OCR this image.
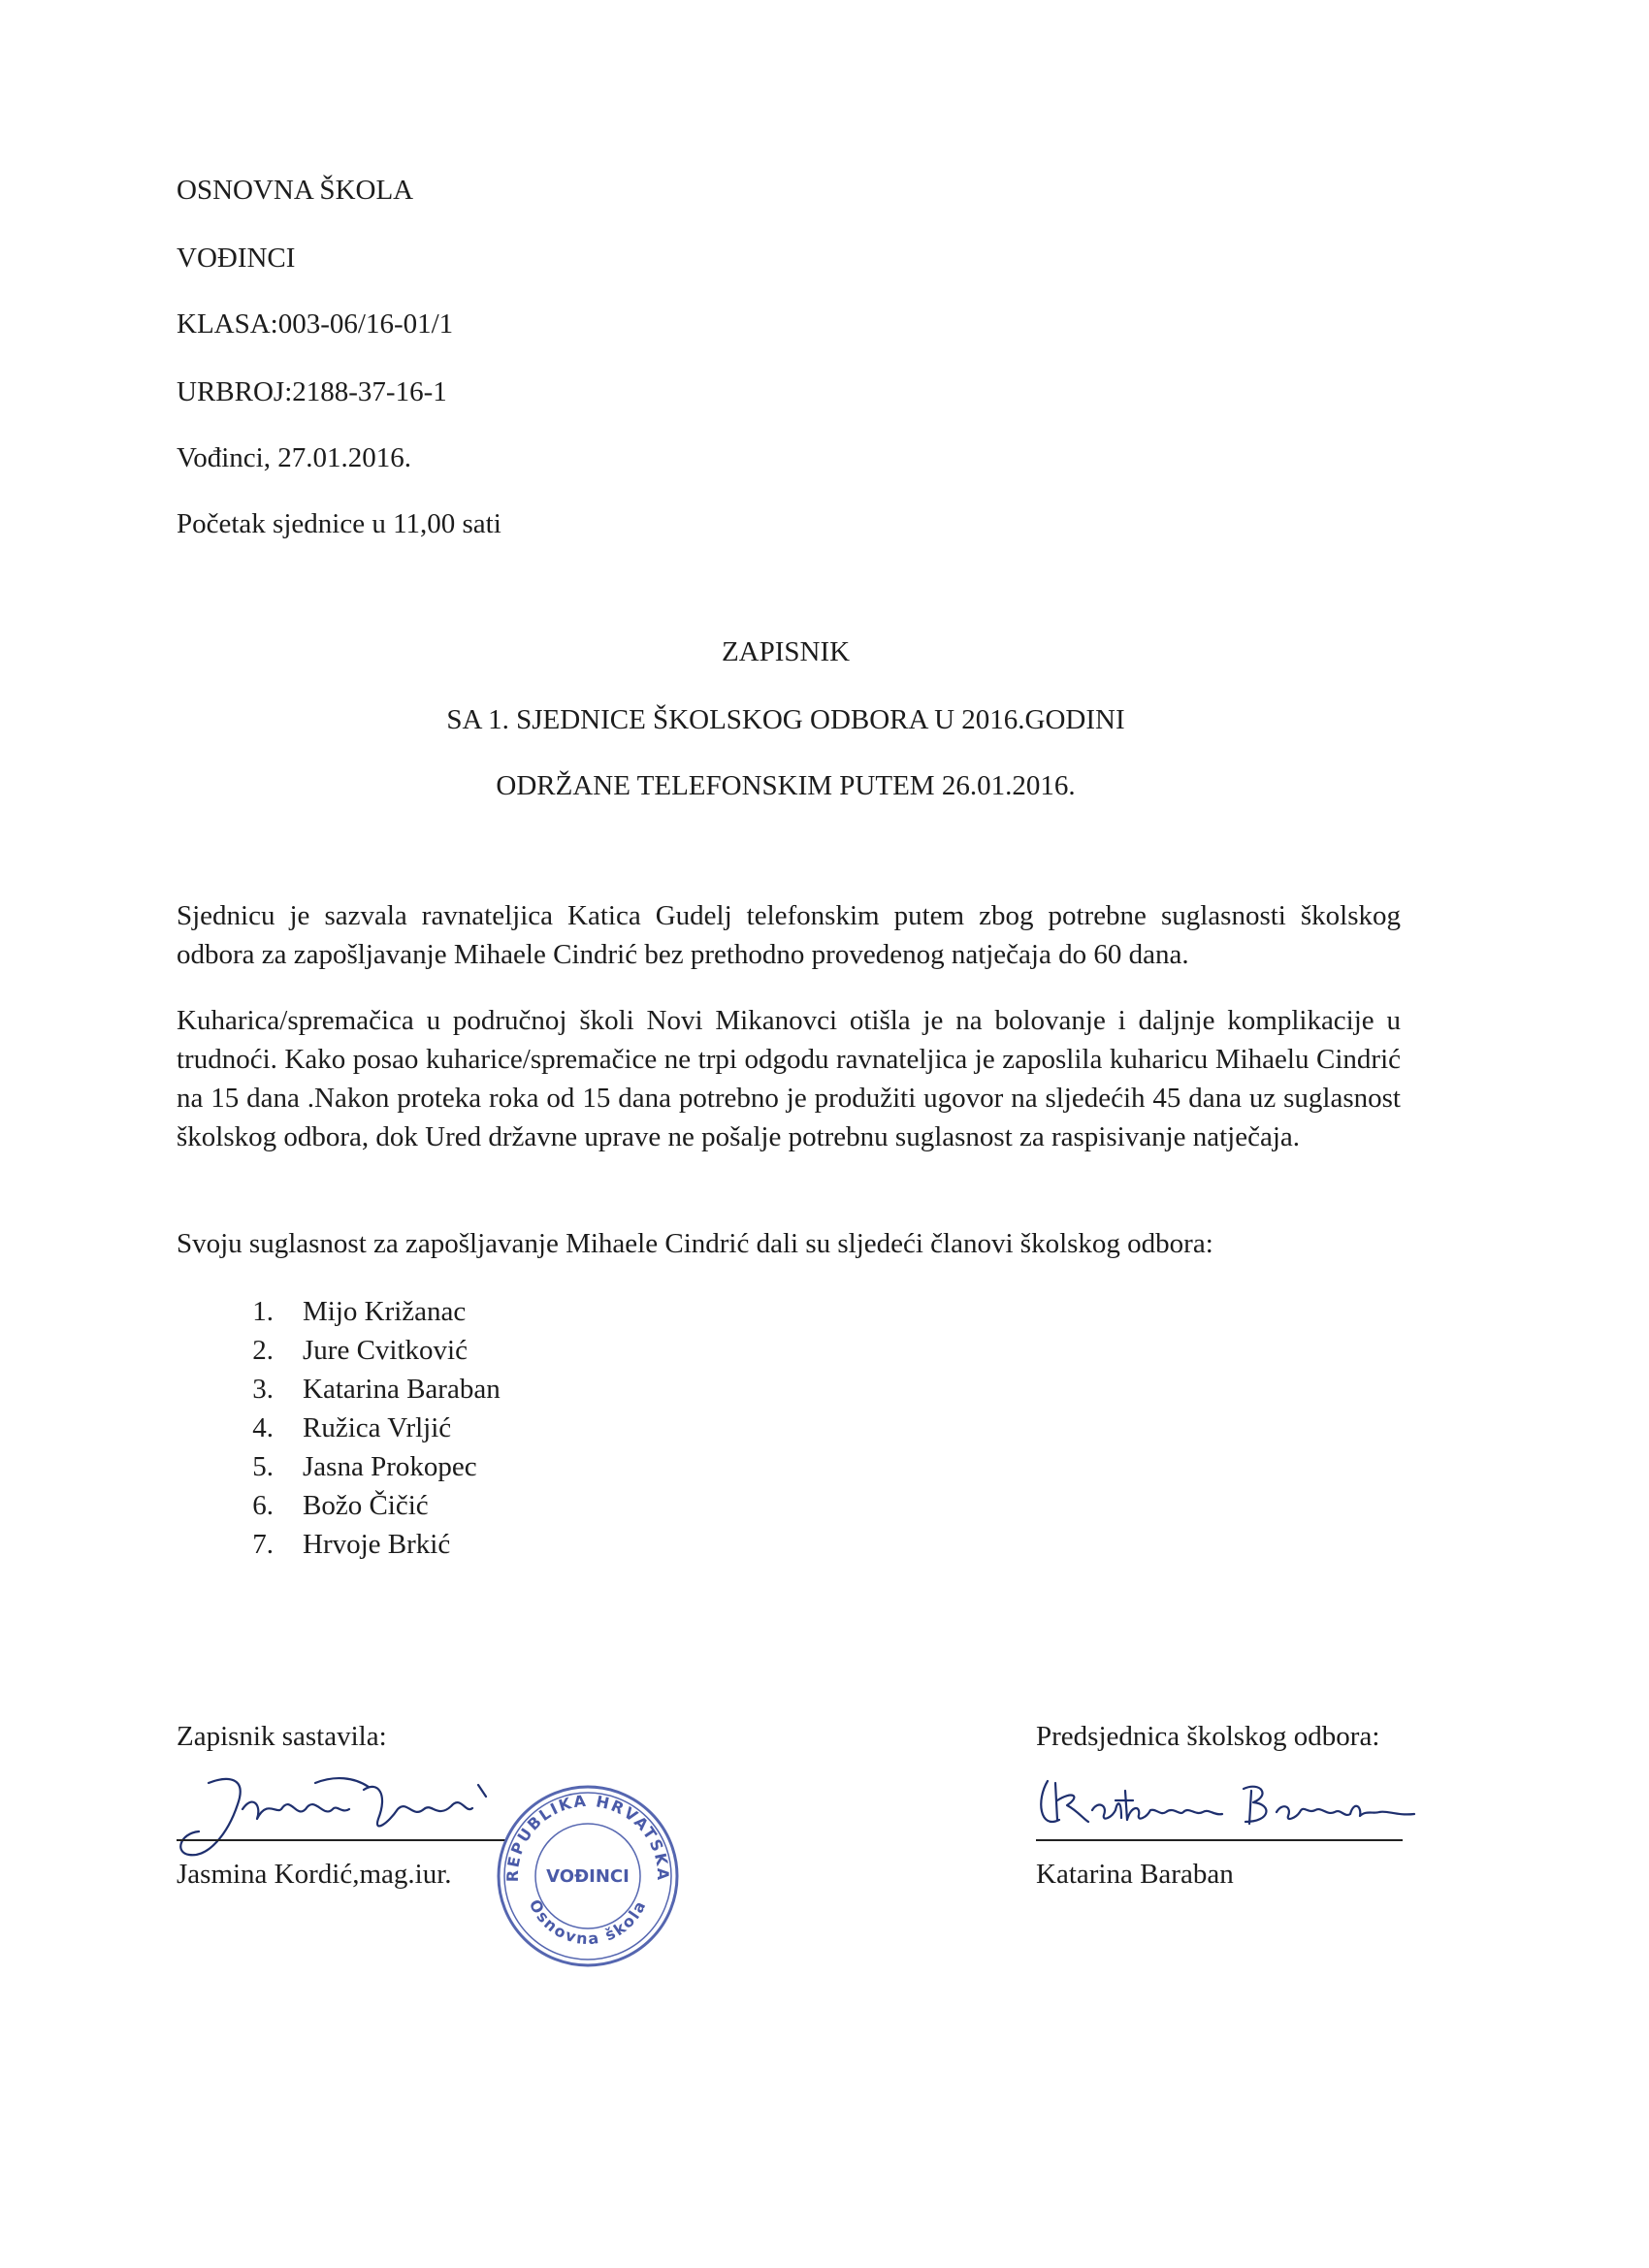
OSNOVNA ŠKOLA
VOĐINCI
KLASA:003-06/16-01/1
URBROJ:2188-37-16-1
Vođinci, 27.01.2016.
Početak sjednice u 11,00 sati
ZAPISNIK
SA 1. SJEDNICE ŠKOLSKOG ODBORA U 2016.GODINI
ODRŽANE TELEFONSKIM PUTEM 26.01.2016.

Sjednicu je sazvala ravnateljica Katica Gudelj telefonskim putem zbog potrebne suglasnosti školskog odbora za zapošljavanje Mihaele Cindrić bez prethodno provedenog natječaja do 60 dana.

Kuharica/spremačica u područnoj školi Novi Mikanovci otišla je na bolovanje i daljnje komplikacije u trudnoći. Kako posao kuharice/spremačice ne trpi odgodu ravnateljica je zaposlila kuharicu Mihaelu Cindrić na 15 dana .Nakon proteka roka od 15 dana potrebno je produžiti ugovor na sljedećih 45 dana uz suglasnost školskog odbora, dok Ured državne uprave ne pošalje potrebnu suglasnost za raspisivanje natječaja.

Svoju suglasnost za zapošljavanje Mihaele Cindrić dali su sljedeći članovi školskog odbora:

1. Mijo Križanac
2. Jure Cvitković
3. Katarina Baraban
4. Ružica Vrljić
5. Jasna Prokopec
6. Božo Čičić
7. Hrvoje Brkić
Zapisnik sastavila:
Jasmina Kordić,mag.iur.	REPUBLIKA HRVATSKA
Osnovna škola
VOĐINCI
Predsjednica školskog odbora:
Katarina Baraban
